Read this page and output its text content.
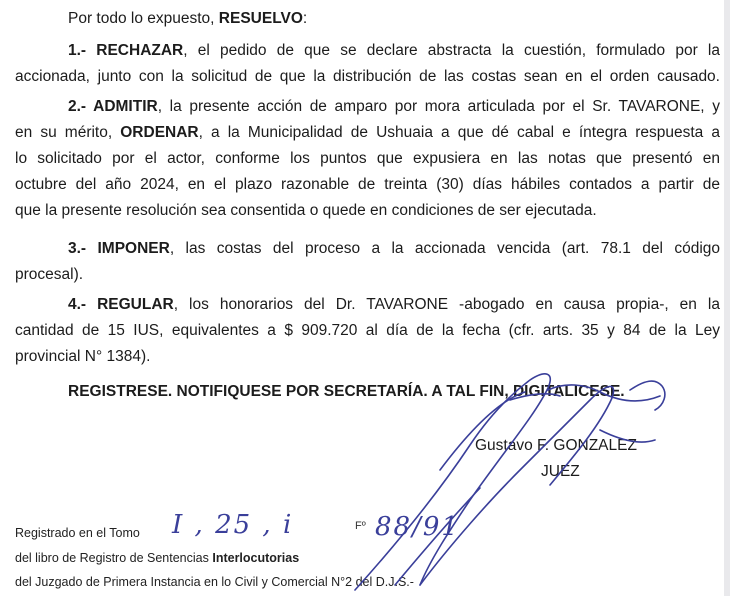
Por todo lo expuesto, RESUELVO:
1.- RECHAZAR, el pedido de que se declare abstracta la cuestión, formulado por la
accionada, junto con la solicitud de que la distribución de las costas sean en el orden causado.
2.- ADMITIR, la presente acción de amparo por mora articulada por el Sr. TAVARONE, y
en su mérito, ORDENAR, a la Municipalidad de Ushuaia a que dé cabal e íntegra respuesta a
lo solicitado por el actor, conforme los puntos que expusiera en las notas que presentó en
octubre del año 2024, en el plazo razonable de treinta (30) días hábiles contados a partir de
que la presente resolución sea consentida o quede en condiciones de ser ejecutada.
3.- IMPONER, las costas del proceso a la accionada vencida (art. 78.1 del código
procesal).
4.- REGULAR, los honorarios del Dr. TAVARONE -abogado en causa propia-, en la
cantidad de 15 IUS, equivalentes a $ 909.720 al día de la fecha (cfr. arts. 35 y 84 de la Ley
provincial N° 1384).
REGISTRESE. NOTIFIQUESE POR SECRETARÍA. A TAL FIN, DIGITALICESE.
Gustavo F. GONZALEZ
JUEZ
Registrado en el Tomo I , 25 , i	Fº 88/91
del libro de Registro de Sentencias Interlocutorias
del Juzgado de Primera Instancia en lo Civil y Comercial N°2 del D.J.S.-
